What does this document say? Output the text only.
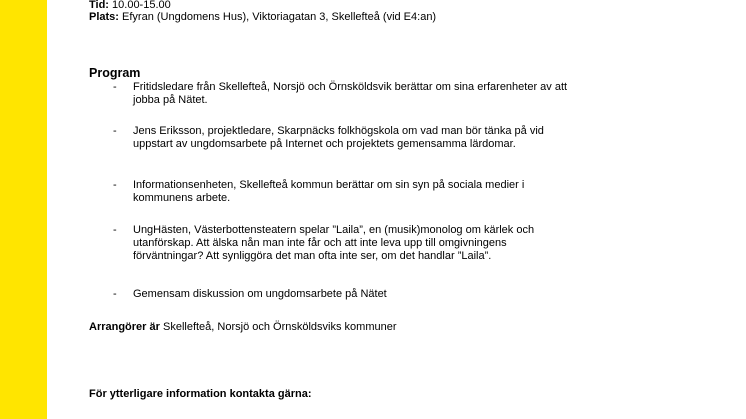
Tid: 10.00-15.00
Plats: Efyran (Ungdomens Hus), Viktoriagatan 3, Skellefteå (vid E4:an)
Program
- Fritidsledare från Skellefteå, Norsjö och Örnsköldsvik berättar om sina erfarenheter av att
jobba på Nätet.
- Jens Eriksson, projektledare, Skarpnäcks folkhögskola om vad man bör tänka på vid
uppstart av ungdomsarbete på Internet och projektets gemensamma lärdomar.
- Informationsenheten, Skellefteå kommun berättar om sin syn på sociala medier i
kommunens arbete.
- UngHästen, Västerbottensteatern spelar ”Laila”, en (musik)monolog om kärlek och
utanförskap. Att älska nån man inte får och att inte leva upp till omgivningens
förväntningar? Att synliggöra det man ofta inte ser, om det handlar ”Laila”.
- Gemensam diskussion om ungdomsarbete på Nätet
Arrangörer är Skellefteå, Norsjö och Örnsköldsviks kommuner
För ytterligare information kontakta gärna:
